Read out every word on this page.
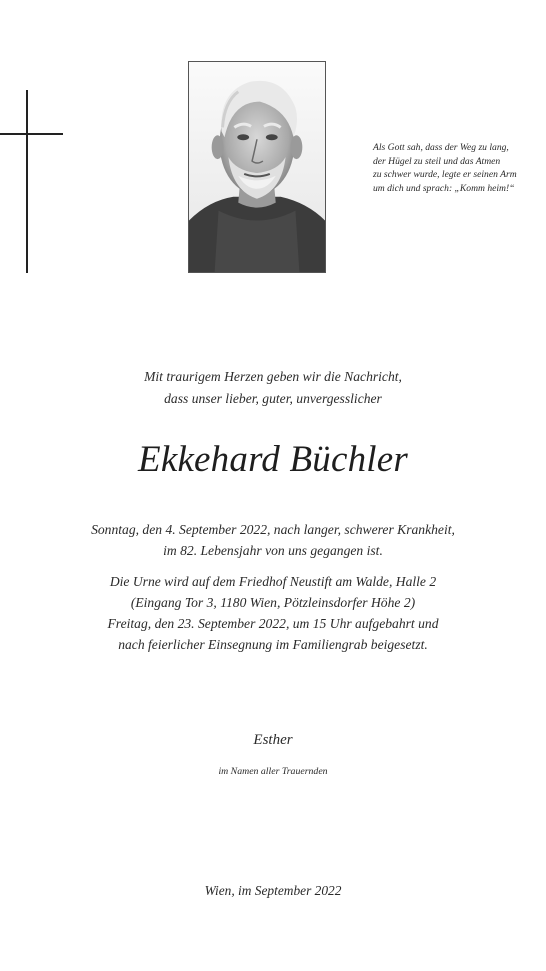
Als Gott sah, dass der Weg zu lang,
der Hügel zu steil und das Atmen
zu schwer wurde, legte er seinen Arm
um dich und sprach: „Komm heim!“
Mit traurigem Herzen geben wir die Nachricht,
dass unser lieber, guter, unvergesslicher
Ekkehard Büchler
Sonntag, den 4. September 2022, nach langer, schwerer Krankheit,
im 82. Lebensjahr von uns gegangen ist.
Die Urne wird auf dem Friedhof Neustift am Walde, Halle 2
(Eingang Tor 3, 1180 Wien, Pötzleinsdorfer Höhe 2)
Freitag, den 23. September 2022, um 15 Uhr aufgebahrt und
nach feierlicher Einsegnung im Familiengrab beigesetzt.
Esther
im Namen aller Trauernden
Wien, im September 2022
